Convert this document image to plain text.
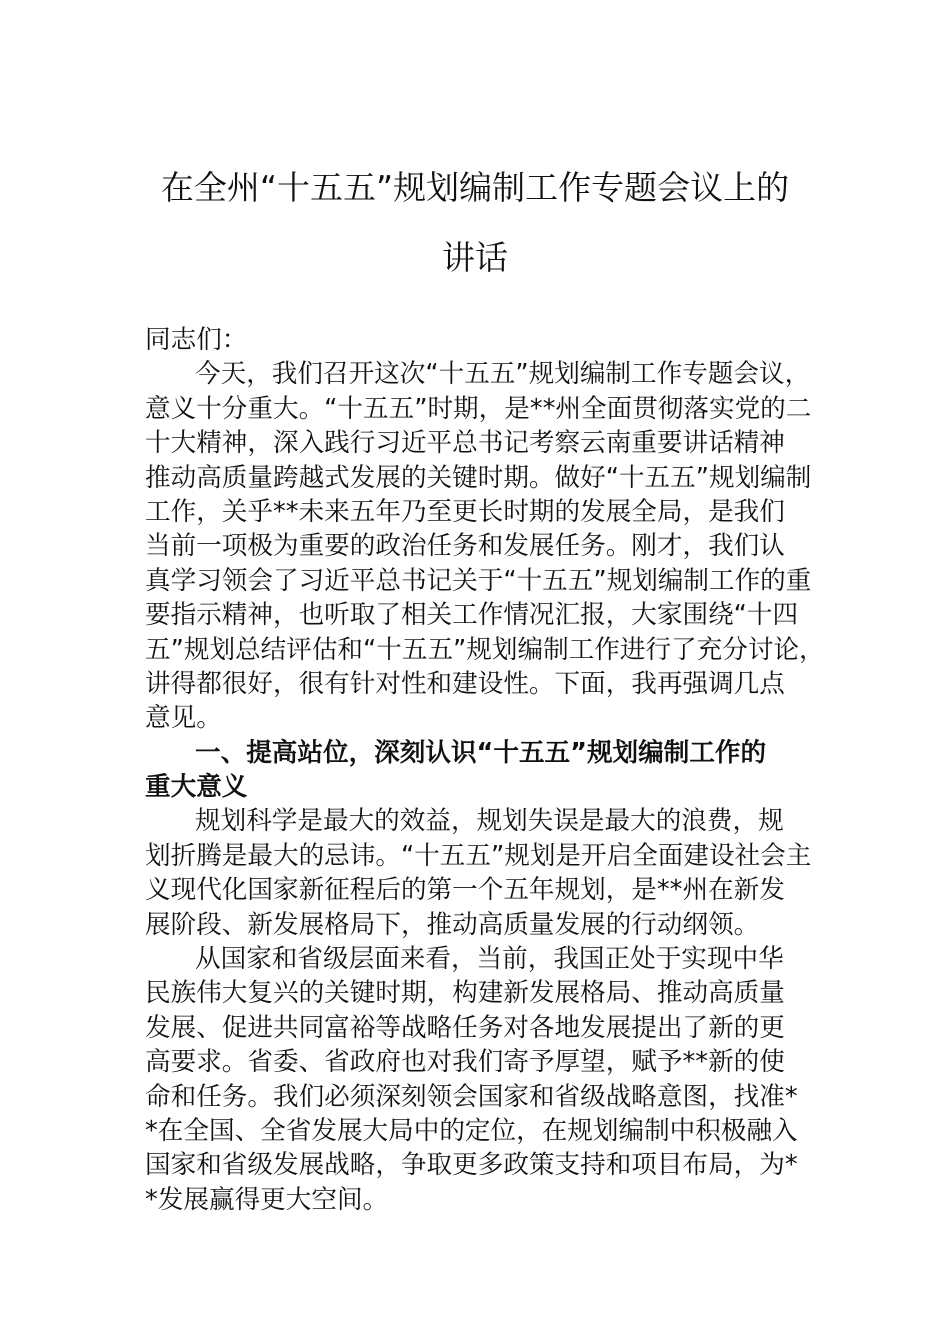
在全州“十五五”规划编制工作专题会议上的
讲话
同志们：
今天，我们召开这次“十五五”规划编制工作专题会议，
意义十分重大。“十五五”时期，是**州全面贯彻落实党的二
十大精神，深入践行习近平总书记考察云南重要讲话精神
推动高质量跨越式发展的关键时期。做好“十五五”规划编制
工作，关乎**未来五年乃至更长时期的发展全局，是我们
当前一项极为重要的政治任务和发展任务。刚才，我们认
真学习领会了习近平总书记关于“十五五”规划编制工作的重
要指示精神，也听取了相关工作情况汇报，大家围绕“十四
五”规划总结评估和“十五五”规划编制工作进行了充分讨论，
讲得都很好，很有针对性和建设性。下面，我再强调几点
意见。
一、提高站位，深刻认识“十五五”规划编制工作的
重大意义
规划科学是最大的效益，规划失误是最大的浪费，规
划折腾是最大的忌讳。“十五五”规划是开启全面建设社会主
义现代化国家新征程后的第一个五年规划，是**州在新发
展阶段、新发展格局下，推动高质量发展的行动纲领。
从国家和省级层面来看，当前，我国正处于实现中华
民族伟大复兴的关键时期，构建新发展格局、推动高质量
发展、促进共同富裕等战略任务对各地发展提出了新的更
高要求。省委、省政府也对我们寄予厚望，赋予**新的使
命和任务。我们必须深刻领会国家和省级战略意图，找准*
*在全国、全省发展大局中的定位，在规划编制中积极融入
国家和省级发展战略，争取更多政策支持和项目布局，为*
*发展赢得更大空间。
